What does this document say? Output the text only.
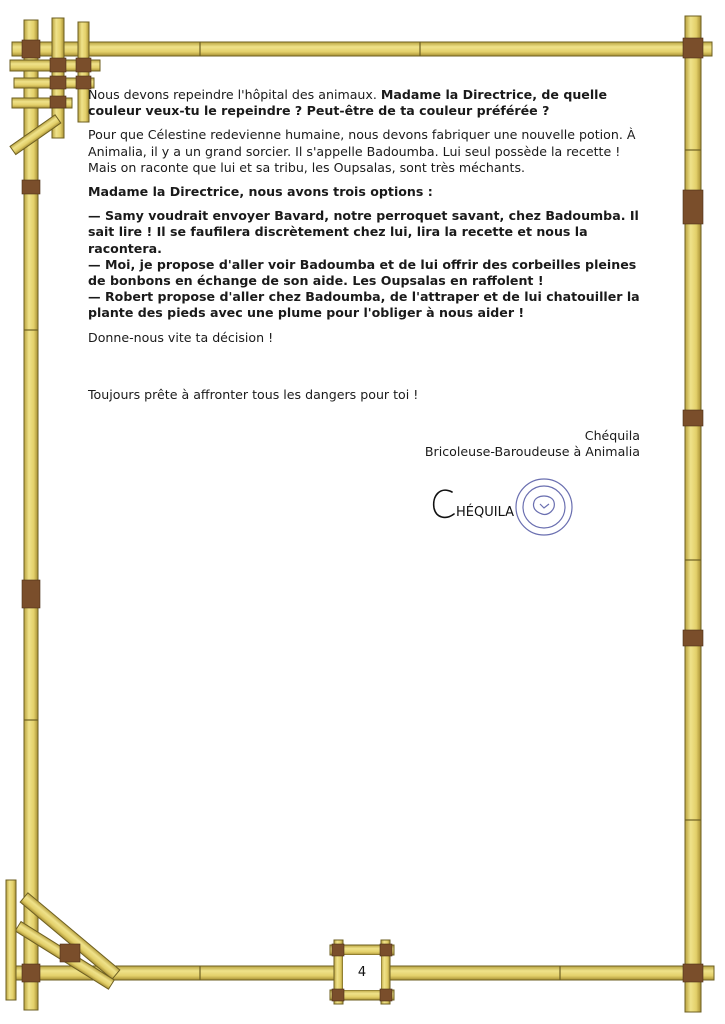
HÉQUILA

Nous devons repeindre l'hôpital des animaux. Madame la Directrice, de quelle couleur veux-tu le repeindre ? Peut-être de ta couleur préférée ?

Pour que Célestine redevienne humaine, nous devons fabriquer une nouvelle potion. À Animalia, il y a un grand sorcier. Il s'appelle Badoumba. Lui seul possède la recette ! Mais on raconte que lui et sa tribu, les Oupsalas, sont très méchants.

Madame la Directrice, nous avons trois options :

— Samy voudrait envoyer Bavard, notre perroquet savant, chez Badoumba. Il sait lire ! Il se faufilera discrètement chez lui, lira la recette et nous la racontera.

— Moi, je propose d'aller voir Badoumba et de lui offrir des corbeilles pleines de bonbons en échange de son aide. Les Oupsalas en raffolent !

— Robert propose d'aller chez Badoumba, de l'attraper et de lui chatouiller la plante des pieds avec une plume pour l'obliger à nous aider !

Donne-nous vite ta décision !

Toujours prête à affronter tous les dangers pour toi !

Chéquila
Bricoleuse-Baroudeuse à Animalia
4
